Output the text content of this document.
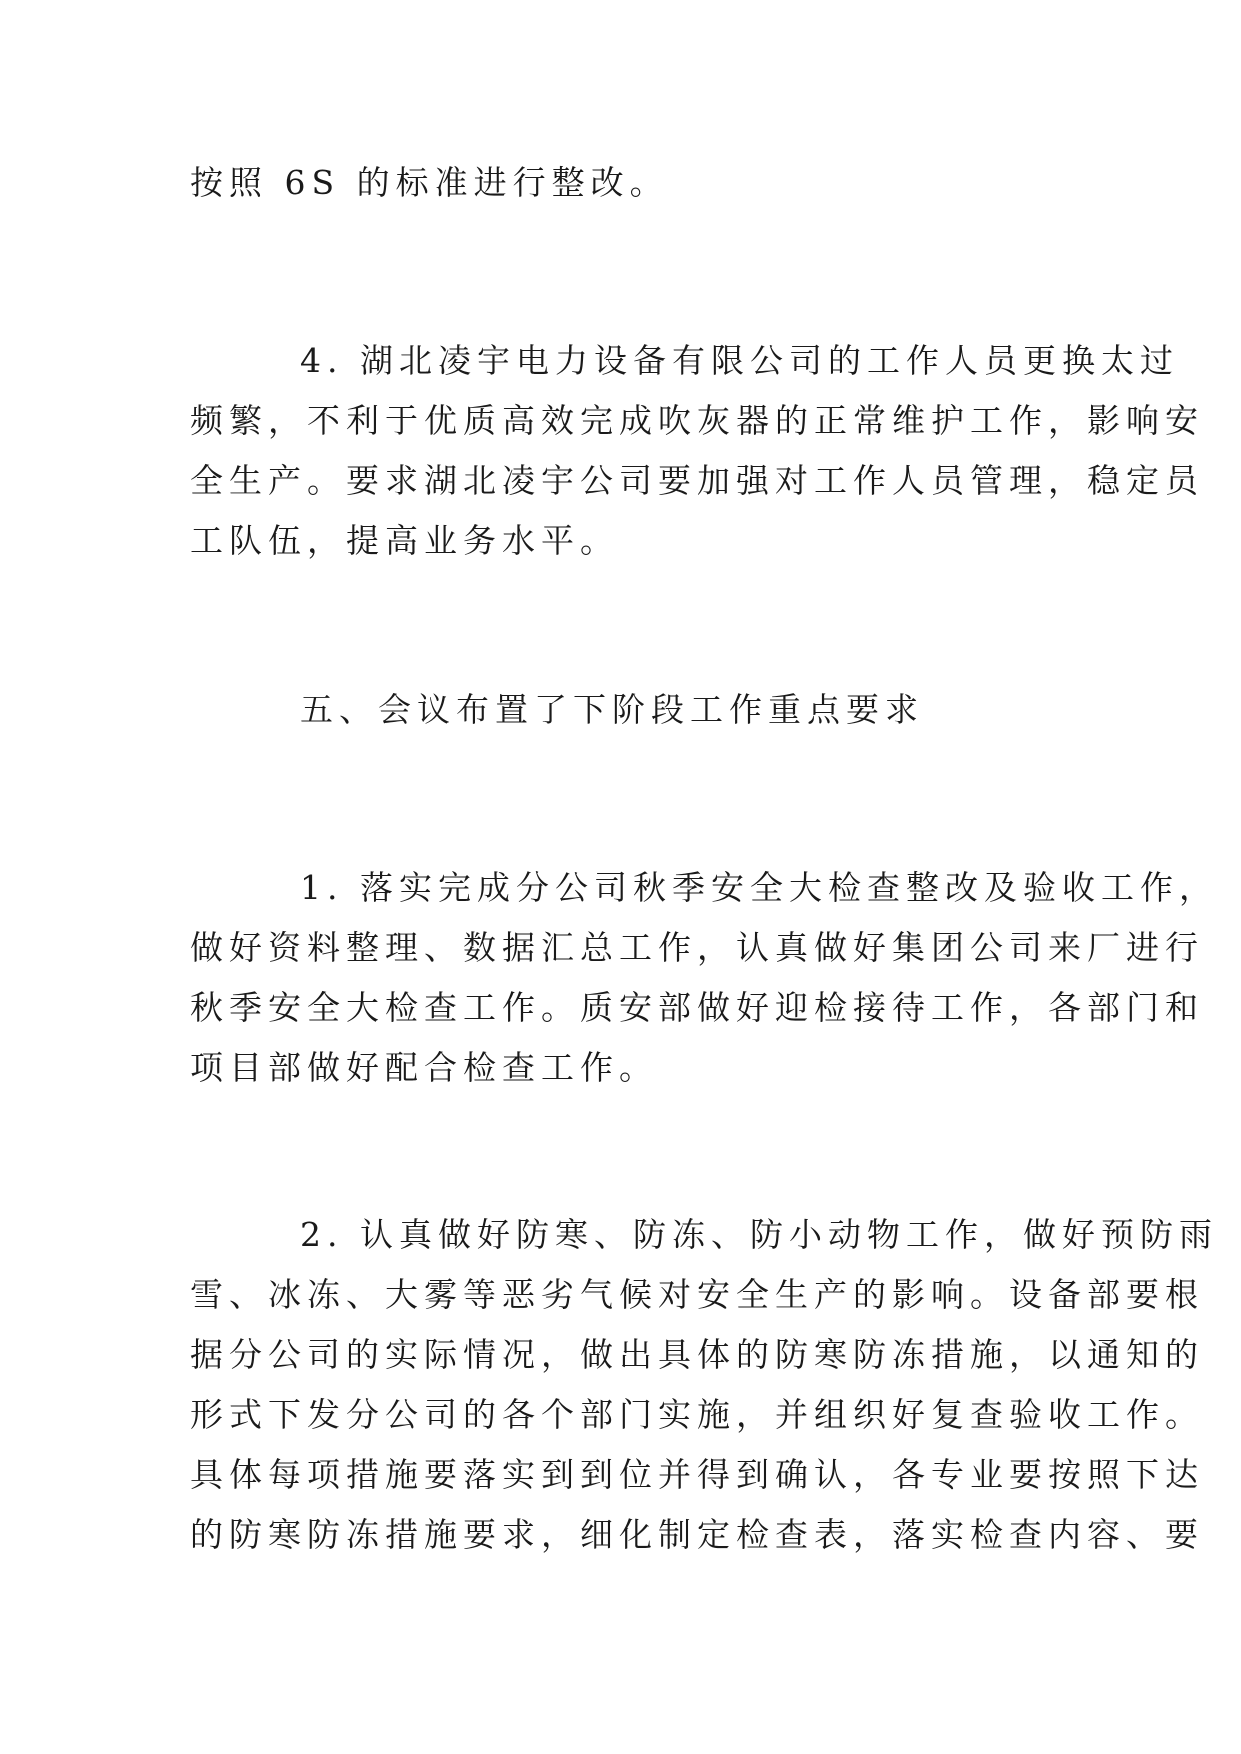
按照 6S 的标准进行整改。
4. 湖北凌宇电力设备有限公司的工作人员更换太过
频繁，不利于优质高效完成吹灰器的正常维护工作，影响安
全生产。要求湖北凌宇公司要加强对工作人员管理，稳定员
工队伍，提高业务水平。
五、会议布置了下阶段工作重点要求
1. 落实完成分公司秋季安全大检查整改及验收工作，
做好资料整理、数据汇总工作，认真做好集团公司来厂进行
秋季安全大检查工作。质安部做好迎检接待工作，各部门和
项目部做好配合检查工作。
2. 认真做好防寒、防冻、防小动物工作，做好预防雨
雪、冰冻、大雾等恶劣气候对安全生产的影响。设备部要根
据分公司的实际情况，做出具体的防寒防冻措施，以通知的
形式下发分公司的各个部门实施，并组织好复查验收工作。
具体每项措施要落实到到位并得到确认，各专业要按照下达
的防寒防冻措施要求，细化制定检查表，落实检查内容、要
